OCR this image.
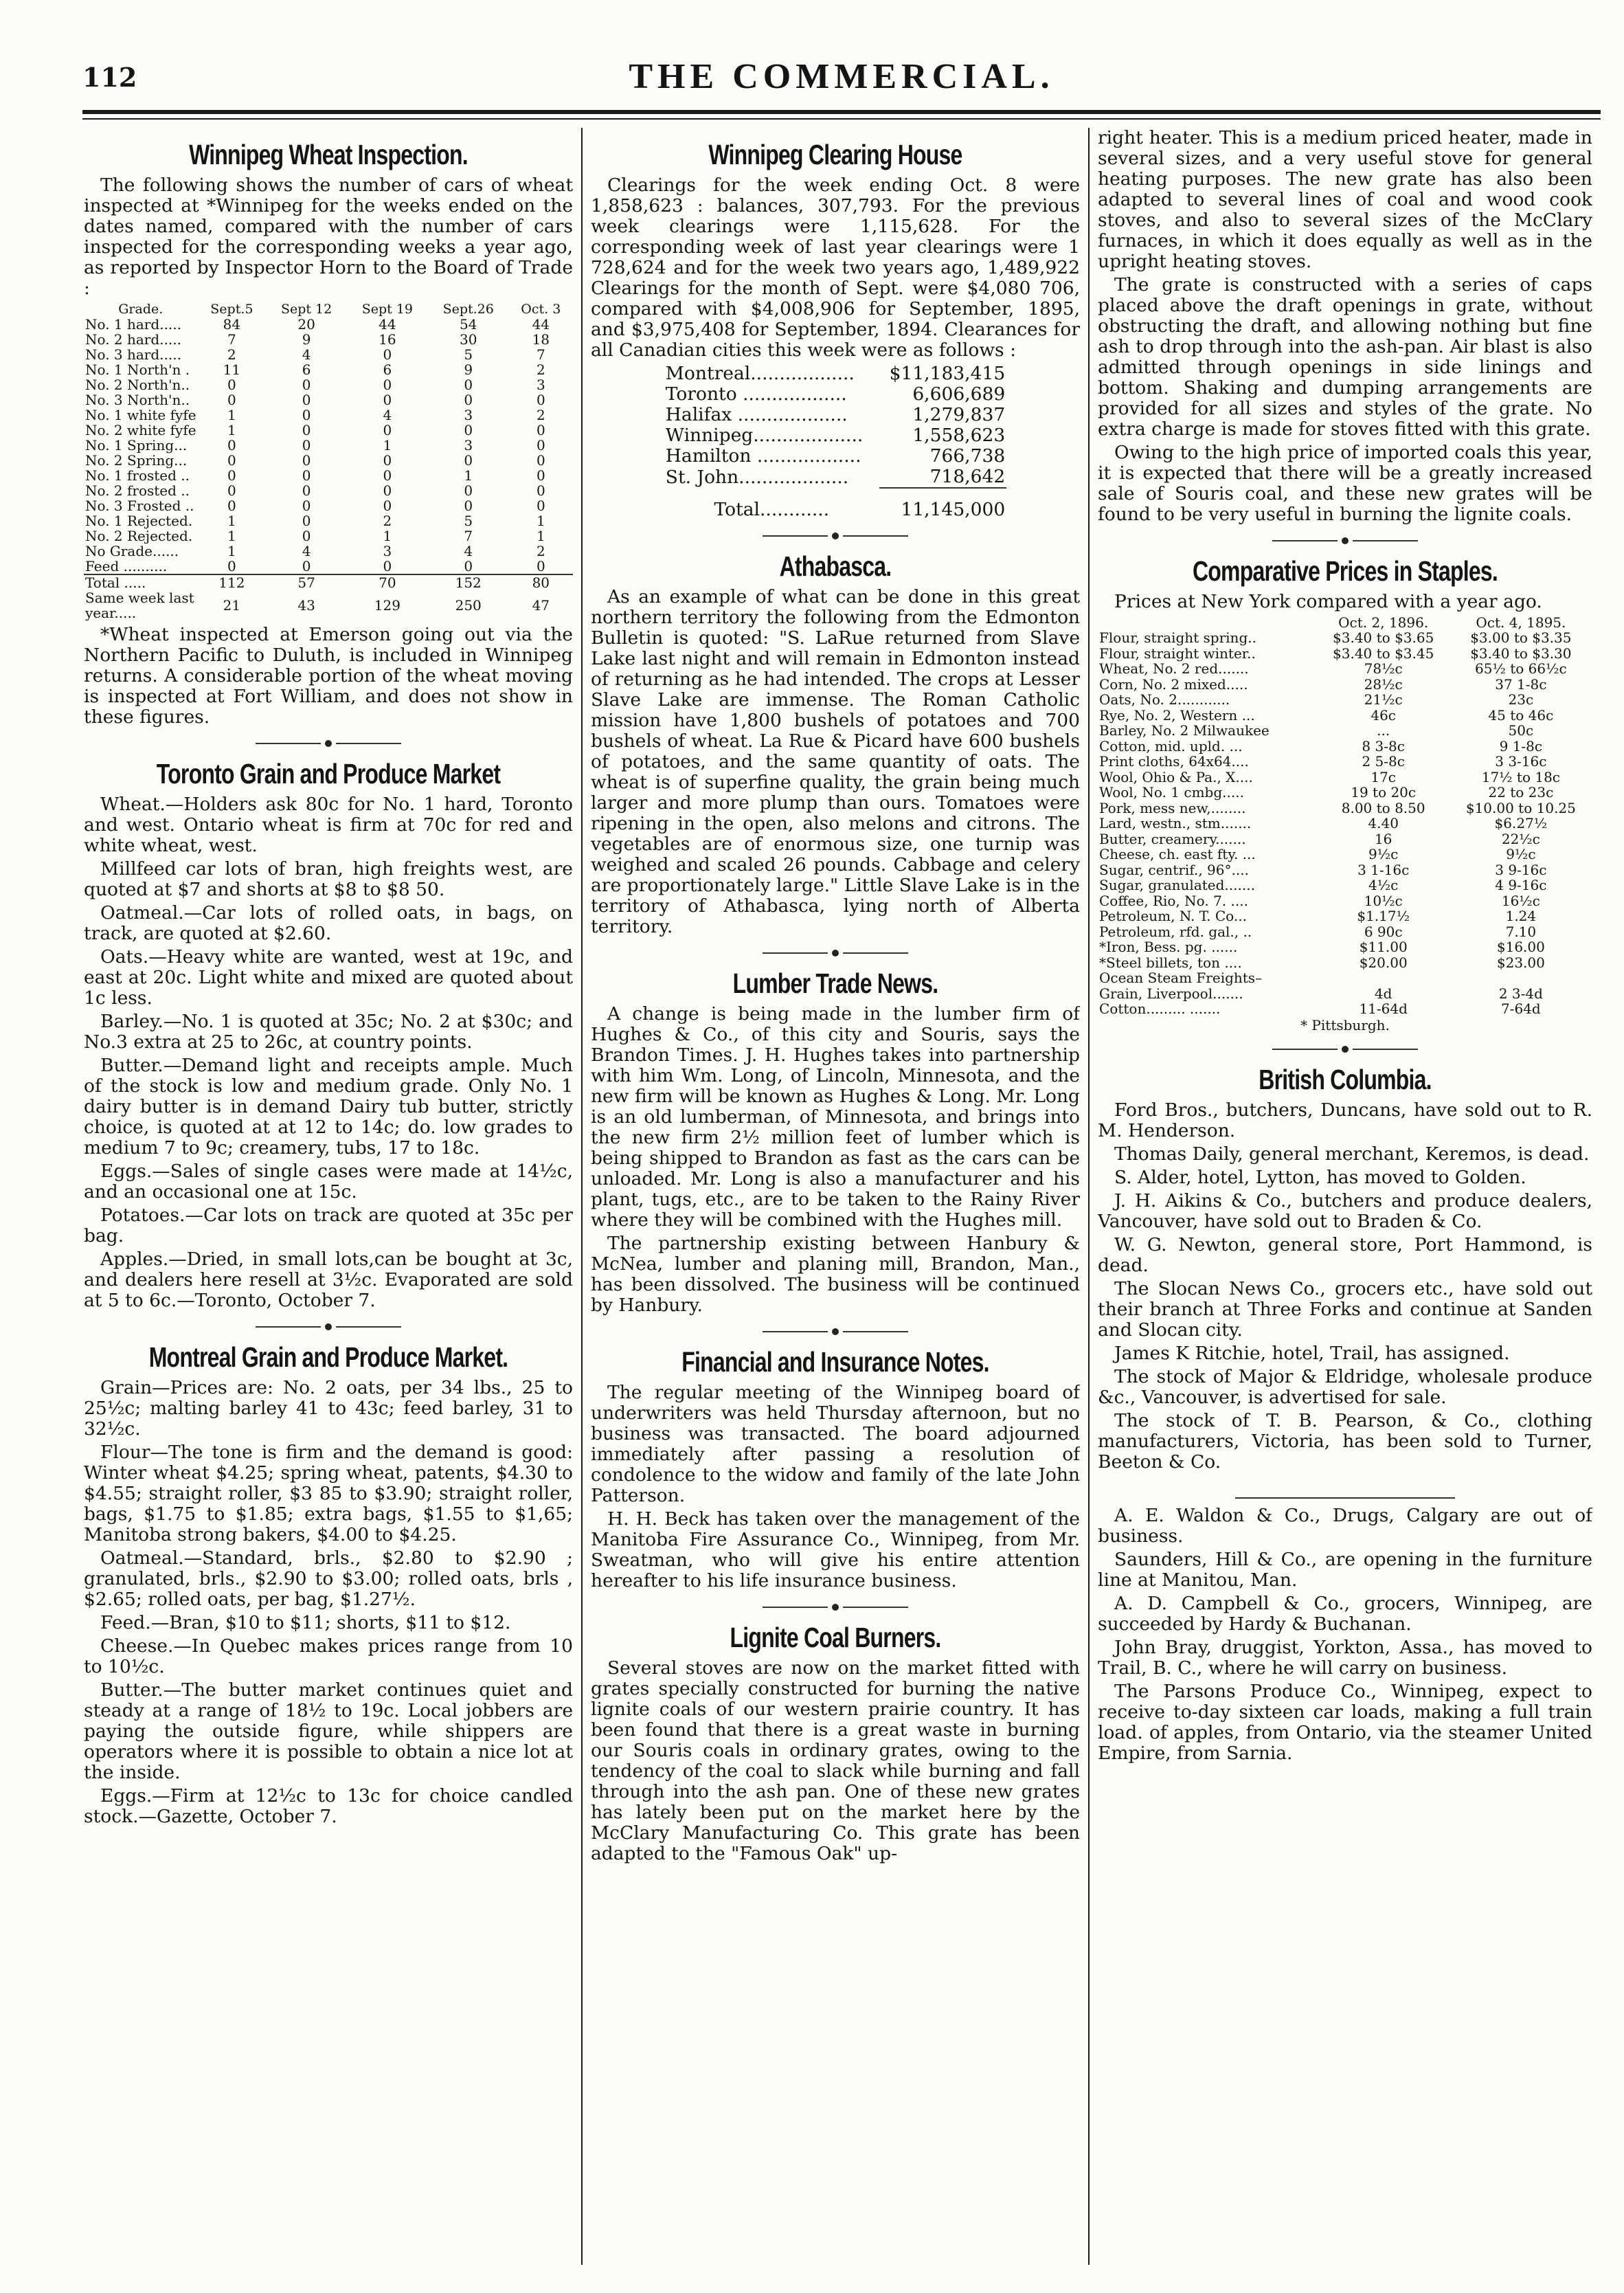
112	THE COMMERCIAL.
Winnipeg Wheat Inspection.

The following shows the number of cars of wheat inspected at *Winnipeg for the weeks ended on the dates named, compared with the number of cars inspected for the corresponding weeks a year ago, as reported by Inspector Horn to the Board of Trade :

Grade.	Sept.5	Sept 12	Sept 19	Sept.26	Oct. 3
No. 1 hard.....	84	20	44	54	44
No. 2 hard.....	7	9	16	30	18
No. 3 hard.....	2	4	0	5	7
No. 1 North'n .	11	6	6	9	2
No. 2 North'n..	0	0	0	0	3
No. 3 North'n..	0	0	0	0	0
No. 1 white fyfe	1	0	4	3	2
No. 2 white fyfe	1	0	0	0	0
No. 1 Spring...	0	0	1	3	0
No. 2 Spring...	0	0	0	0	0
No. 1 frosted ..	0	0	0	1	0
No. 2 frosted ..	0	0	0	0	0
No. 3 Frosted ..	0	0	0	0	0
No. 1 Rejected.	1	0	2	5	1
No. 2 Rejected.	1	0	1	7	1
No Grade......	1	4	3	4	2
Feed ..........	0	0	0	0	0
Total .....	112	57	70	152	80
Same week last year.....	21	43	129	250	47

*Wheat inspected at Emerson going out via the Northern Pacific to Duluth, is included in Winnipeg returns. A considerable portion of the wheat moving is inspected at Fort William, and does not show in these figures.

Toronto Grain and Produce Market

Wheat.—Holders ask 80c for No. 1 hard, Toronto and west. Ontario wheat is firm at 70c for red and white wheat, west.

Millfeed car lots of bran, high freights west, are quoted at $7 and shorts at $8 to $8 50.

Oatmeal.—Car lots of rolled oats, in bags, on track, are quoted at $2.60.

Oats.—Heavy white are wanted, west at 19c, and east at 20c. Light white and mixed are quoted about 1c less.

Barley.—No. 1 is quoted at 35c; No. 2 at $30c; and No.3 extra at 25 to 26c, at country points.

Butter.—Demand light and receipts ample. Much of the stock is low and medium grade. Only No. 1 dairy butter is in demand Dairy tub butter, strictly choice, is quoted at at 12 to 14c; do. low grades to medium 7 to 9c; creamery, tubs, 17 to 18c.

Eggs.—Sales of single cases were made at 14½c, and an occasional one at 15c.

Potatoes.—Car lots on track are quoted at 35c per bag.

Apples.—Dried, in small lots,can be bought at 3c, and dealers here resell at 3½c. Evaporated are sold at 5 to 6c.—Toronto, October 7.

Montreal Grain and Produce Market.

Grain—Prices are: No. 2 oats, per 34 lbs., 25 to 25½c; malting barley 41 to 43c; feed barley, 31 to 32½c.

Flour—The tone is firm and the demand is good: Winter wheat $4.25; spring wheat, patents, $4.30 to $4.55; straight roller, $3 85 to $3.90; straight roller, bags, $1.75 to $1.85; extra bags, $1.55 to $1,65; Manitoba strong bakers, $4.00 to $4.25.

Oatmeal.—Standard, brls., $2.80 to $2.90 ; granulated, brls., $2.90 to $3.00; rolled oats, brls , $2.65; rolled oats, per bag, $1.27½.

Feed.—Bran, $10 to $11; shorts, $11 to $12.

Cheese.—In Quebec makes prices range from 10 to 10½c.

Butter.—The butter market continues quiet and steady at a range of 18½ to 19c. Local jobbers are paying the outside figure, while shippers are operators where it is possible to obtain a nice lot at the inside.

Eggs.—Firm at 12½c to 13c for choice candled stock.—Gazette, October 7.

Winnipeg Clearing House

Clearings for the week ending Oct. 8 were 1,858,623 : balances, 307,793. For the previous week clearings were 1,115,628. For the corresponding week of last year clearings were 1 728,624 and for the week two years ago, 1,489,922 Clearings for the month of Sept. were $4,080 706, compared with $4,008,906 for September, 1895, and $3,975,408 for September, 1894. Clearances for all Canadian cities this week were as follows :

Montreal..................	$11,183,415
Toronto ..................	6,606,689
Halifax ...................	1,279,837
Winnipeg...................	1,558,623
Hamilton ..................	766,738
St. John...................	718,642
Total............	11,145,000
Athabasca.

As an example of what can be done in this great northern territory the following from the Edmonton Bulletin is quoted: "S. LaRue returned from Slave Lake last night and will remain in Edmonton instead of returning as he had intended. The crops at Lesser Slave Lake are immense. The Roman Catholic mission have 1,800 bushels of potatoes and 700 bushels of wheat. La Rue & Picard have 600 bushels of potatoes, and the same quantity of oats. The wheat is of superfine quality, the grain being much larger and more plump than ours. Tomatoes were ripening in the open, also melons and citrons. The vegetables are of enormous size, one turnip was weighed and scaled 26 pounds. Cabbage and celery are proportionately large." Little Slave Lake is in the territory of Athabasca, lying north of Alberta territory.

Lumber Trade News.

A change is being made in the lumber firm of Hughes & Co., of this city and Souris, says the Brandon Times. J. H. Hughes takes into partnership with him Wm. Long, of Lincoln, Minnesota, and the new firm will be known as Hughes & Long. Mr. Long is an old lumberman, of Minnesota, and brings into the new firm 2½ million feet of lumber which is being shipped to Brandon as fast as the cars can be unloaded. Mr. Long is also a manufacturer and his plant, tugs, etc., are to be taken to the Rainy River where they will be combined with the Hughes mill.

The partnership existing between Hanbury & McNea, lumber and planing mill, Brandon, Man., has been dissolved. The business will be continued by Hanbury.

Financial and Insurance Notes.

The regular meeting of the Winnipeg board of underwriters was held Thursday afternoon, but no business was transacted. The board adjourned immediately after passing a resolution of condolence to the widow and family of the late John Patterson.

H. H. Beck has taken over the management of the Manitoba Fire Assurance Co., Winnipeg, from Mr. Sweatman, who will give his entire attention hereafter to his life insurance business.

Lignite Coal Burners.

Several stoves are now on the market fitted with grates specially constructed for burning the native lignite coals of our western prairie country. It has been found that there is a great waste in burning our Souris coals in ordinary grates, owing to the tendency of the coal to slack while burning and fall through into the ash pan. One of these new grates has lately been put on the market here by the McClary Manufacturing Co. This grate has been adapted to the "Famous Oak" up-

right heater. This is a medium priced heater, made in several sizes, and a very useful stove for general heating purposes. The new grate has also been adapted to several lines of coal and wood cook stoves, and also to several sizes of the McClary furnaces, in which it does equally as well as in the upright heating stoves.

The grate is constructed with a series of caps placed above the draft openings in grate, without obstructing the draft, and allowing nothing but fine ash to drop through into the ash-pan. Air blast is also admitted through openings in side linings and bottom. Shaking and dumping arrangements are provided for all sizes and styles of the grate. No extra charge is made for stoves fitted with this grate.

Owing to the high price of imported coals this year, it is expected that there will be a greatly increased sale of Souris coal, and these new grates will be found to be very useful in burning the lignite coals.

Comparative Prices in Staples.

Prices at New York compared with a year ago.

	Oct. 2, 1896.	Oct. 4, 1895.
Flour, straight spring..	$3.40 to $3.65	$3.00 to $3.35
Flour, straight winter..	$3.40 to $3.45	$3.40 to $3.30
Wheat, No. 2 red.......	78½c	65½ to 66½c
Corn, No. 2 mixed.....	28½c	37 1-8c
Oats, No. 2............	21½c	23c
Rye, No. 2, Western ...	46c	45 to 46c
Barley, No. 2 Milwaukee	...	50c
Cotton, mid. upld. ...	8 3-8c	9 1-8c
Print cloths, 64x64....	2 5-8c	3 3-16c
Wool, Ohio & Pa., X....	17c	17½ to 18c
Wool, No. 1 cmbg.....	19 to 20c	22 to 23c
Pork, mess new,........	8.00 to 8.50	$10.00 to 10.25
Lard, westn., stm.......	4.40	$6.27½
Butter, creamery.......	16	22½c
Cheese, ch. east fty. ...	9½c	9½c
Sugar, centrif., 96°....	3 1-16c	3 9-16c
Sugar, granulated.......	4½c	4 9-16c
Coffee, Rio, No. 7. ....	10½c	16½c
Petroleum, N. T. Co...	$1.17½	1.24
Petroleum, rfd. gal., ..	6 90c	7.10
*Iron, Bess. pg. ......	$11.00	$16.00
*Steel billets, ton ....	$20.00	$23.00
Ocean Steam Freights–		
Grain, Liverpool.......	4d	2 3-4d
Cotton......... .......	11-64d	7-64d
* Pittsburgh.
British Columbia.

Ford Bros., butchers, Duncans, have sold out to R. M. Henderson.

Thomas Daily, general merchant, Keremos, is dead.

S. Alder, hotel, Lytton, has moved to Golden.

J. H. Aikins & Co., butchers and produce dealers, Vancouver, have sold out to Braden & Co.

W. G. Newton, general store, Port Hammond, is dead.

The Slocan News Co., grocers etc., have sold out their branch at Three Forks and continue at Sanden and Slocan city.

James K Ritchie, hotel, Trail, has assigned.

The stock of Major & Eldridge, wholesale produce &c., Vancouver, is advertised for sale.

The stock of T. B. Pearson, & Co., clothing manufacturers, Victoria, has been sold to Turner, Beeton & Co.

A. E. Waldon & Co., Drugs, Calgary are out of business.

Saunders, Hill & Co., are opening in the furniture line at Manitou, Man.

A. D. Campbell & Co., grocers, Winnipeg, are succeeded by Hardy & Buchanan.

John Bray, druggist, Yorkton, Assa., has moved to Trail, B. C., where he will carry on business.

The Parsons Produce Co., Winnipeg, expect to receive to-day sixteen car loads, making a full train load. of apples, from Ontario, via the steamer United Empire, from Sarnia.
